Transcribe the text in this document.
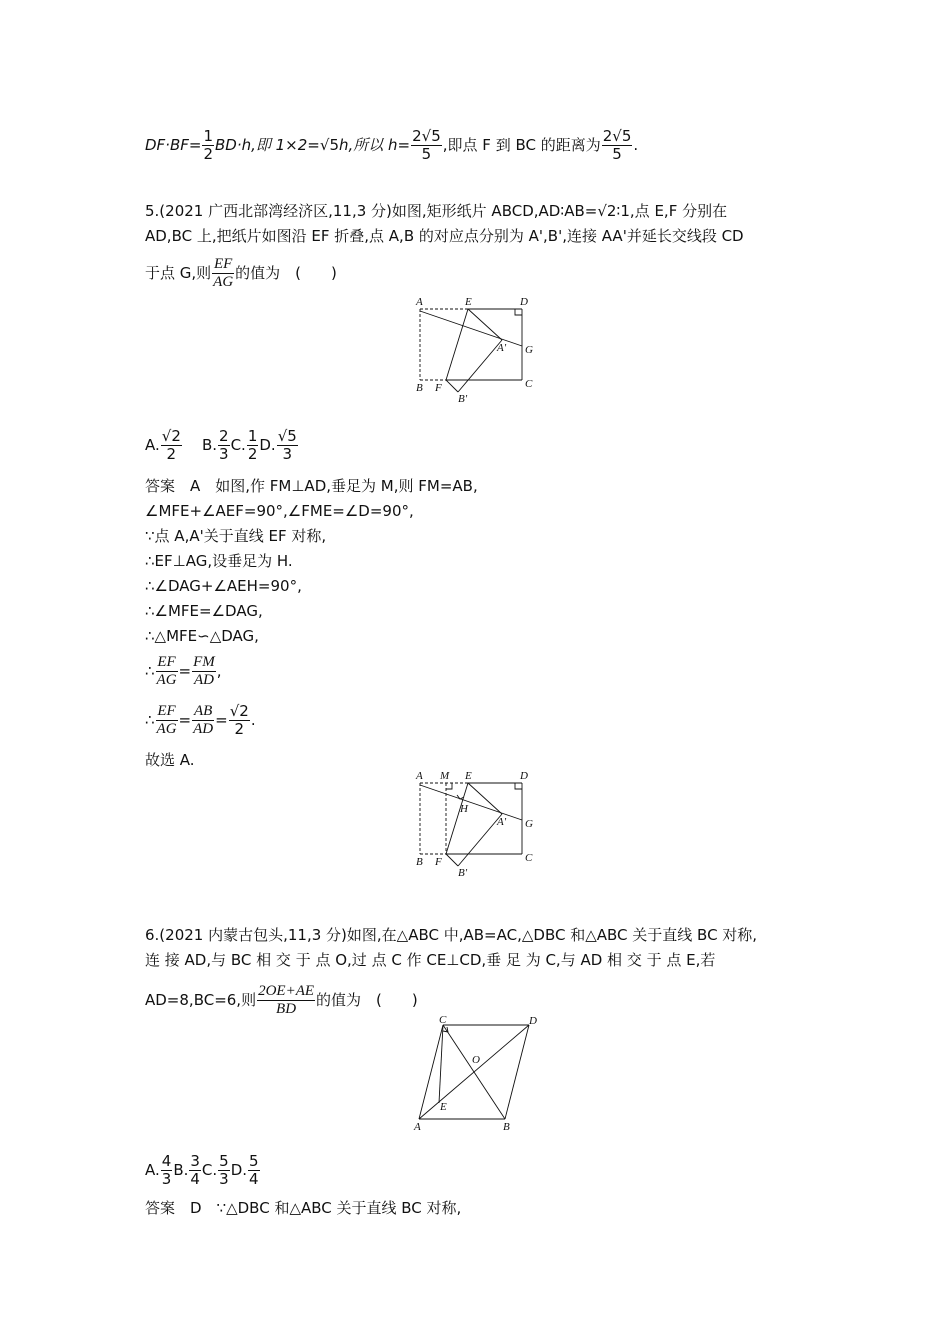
$DF\cdot BF= \frac{1}{2} BD\cdot h$,即 1×2=√5h,所以 $h= \frac{2√5}{5}$ ,即点 F 到 BC 的距离为 $\frac{2√5}{5}$ .
5.(2021 广西北部湾经济区,11,3 分)如图,矩形纸片 ABCD,AD∶AB=√2∶1,点 E,F 分别在
AD,BC 上,把纸片如图沿 EF 折叠,点 A,B 的对应点分别为 A',B',连接 AA'并延长交线段 CD
于点 G,则 $\frac{EF}{AG}$ 的值为　(　　)
A	E	D
A' G
B F
B'
C
A. $\frac{√2}{2} B$. $\frac{2}{3} C$. $\frac{1}{2} D$. $\frac{√5}{3}$
答案　A　如图,作 FM⊥AD,垂足为 M,则 FM=AB,
∠MFE+∠AEF=90°,∠FME=∠D=90°,
∵点 A,A'关于直线 EF 对称,
∴EF⊥AG,设垂足为 H.
∴∠DAG+∠AEH=90°,
∴∠MFE=∠DAG,
∴△MFE∽△DAG,
∴ $\frac{EF}{AG} = \frac{FM}{AD}$ ,
∴ $\frac{EF}{AG} = \frac{AB}{AD} = \frac{√2}{2}$ .
故选 A.
A M E	D
H
A' G
B F
B'
C
6.(2021 内蒙古包头,11,3 分)如图,在△ABC 中,AB=AC,△DBC 和△ABC 关于直线 BC 对称,
连 接 AD,与 BC 相 交 于 点 O,过 点 C 作 CE⊥CD,垂 足 为 C,与 AD 相 交 于 点 E,若
AD=8,BC=6,则 $\frac{2OE+AE}{BD}$ 的值为　(　　)
C	D
O
E
A	B
A. $\frac{4}{3} B$. $\frac{3}{4} C$. $\frac{5}{3} D$. $\frac{5}{4}$
答案　D　∵△DBC 和△ABC 关于直线 BC 对称,
